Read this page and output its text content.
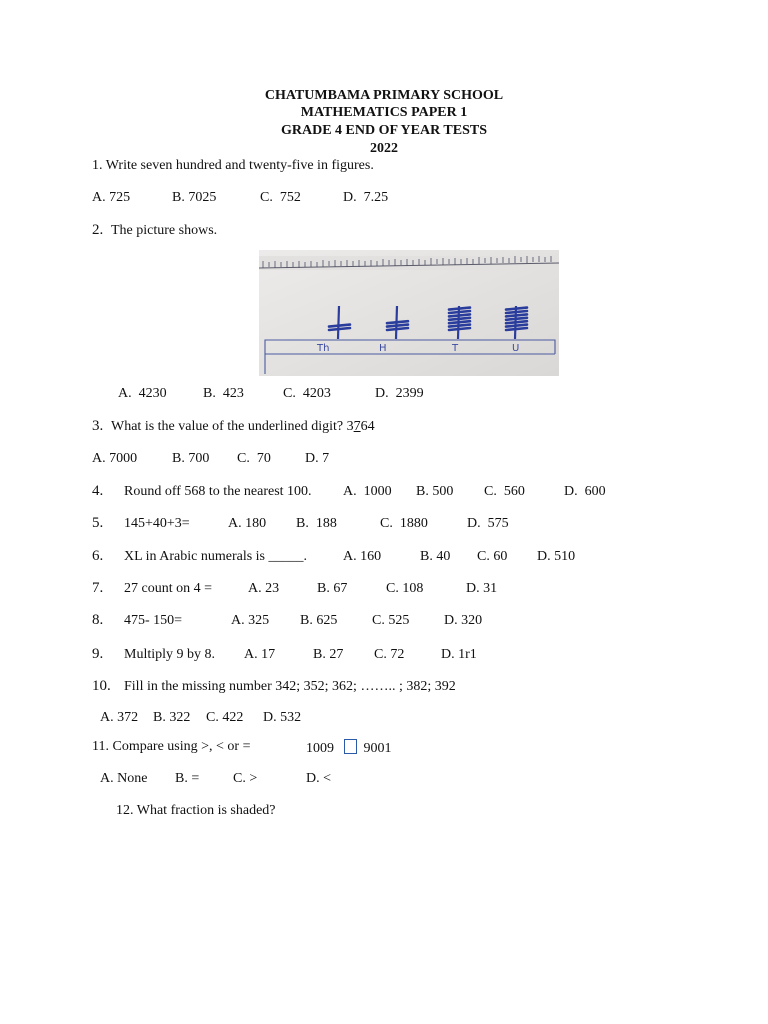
CHATUMBAMA PRIMARY SCHOOL
MATHEMATICS PAPER 1
GRADE 4 END OF YEAR TESTS
2022
1. Write seven hundred and twenty-five in figures.
A. 725	B. 7025	C.  752	D.  7.25
2. The picture shows.
Th	H	T	U
A.  4230	B.  423	C.  4203	D.  2399
3. What is the value of the underlined digit? 3764
A. 7000 B. 700 C.  70 D. 7
4. Round off 568 to the nearest 100. A.  1000 B. 500 C.  560	D.  600
5. 145+40+3=	A. 180 B.  188	C.  1880	D.  575
6. XL in Arabic numerals is _____.	A. 160	B. 40 C. 60 D. 510
7. 27 count on 4 =	A. 23	B. 67	C. 108	D. 31
8. 475- 150=	A. 325 B. 625 C. 525 D. 320
9. Multiply 9 by 8. A. 17	B. 27 C. 72	D. 1r1
10. Fill in the missing number 342; 352; 362; …….. ; 382; 392
A. 372 B. 322 C. 422 D. 532
11. Compare using >, < or =	1009 9001
A. None B. = C. >	D. <
12. What fraction is shaded?
